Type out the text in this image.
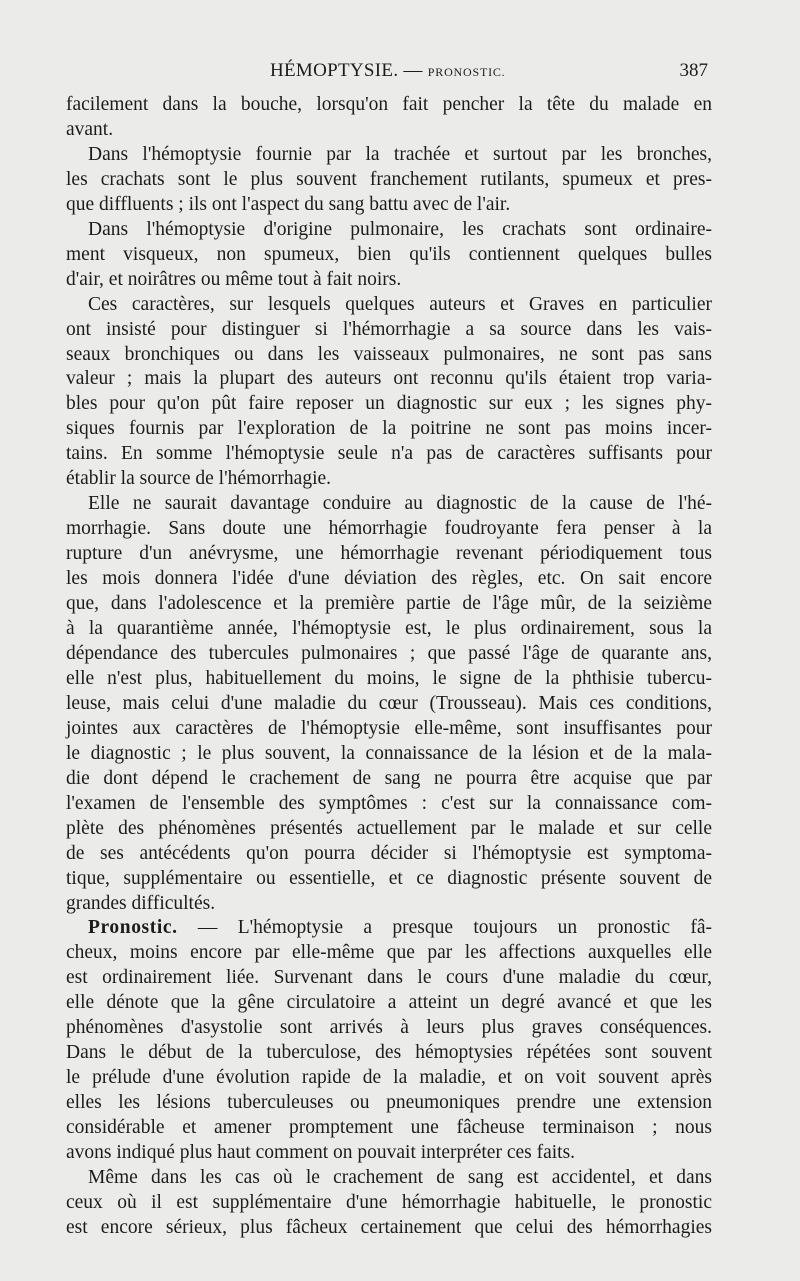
HÉMOPTYSIE. — PRONOSTIC.	387

facilement dans la bouche, lorsqu'on fait pencher la tête du malade en
avant.

Dans l'hémoptysie fournie par la trachée et surtout par les bronches,
les crachats sont le plus souvent franchement rutilants, spumeux et pres-
que diffluents ; ils ont l'aspect du sang battu avec de l'air.

Dans l'hémoptysie d'origine pulmonaire, les crachats sont ordinaire-
ment visqueux, non spumeux, bien qu'ils contiennent quelques bulles
d'air, et noirâtres ou même tout à fait noirs.

Ces caractères, sur lesquels quelques auteurs et Graves en particulier
ont insisté pour distinguer si l'hémorrhagie a sa source dans les vais-
seaux bronchiques ou dans les vaisseaux pulmonaires, ne sont pas sans
valeur ; mais la plupart des auteurs ont reconnu qu'ils étaient trop varia-
bles pour qu'on pût faire reposer un diagnostic sur eux ; les signes phy-
siques fournis par l'exploration de la poitrine ne sont pas moins incer-
tains. En somme l'hémoptysie seule n'a pas de caractères suffisants pour
établir la source de l'hémorrhagie.

Elle ne saurait davantage conduire au diagnostic de la cause de l'hé-
morrhagie. Sans doute une hémorrhagie foudroyante fera penser à la
rupture d'un anévrysme, une hémorrhagie revenant périodiquement tous
les mois donnera l'idée d'une déviation des règles, etc. On sait encore
que, dans l'adolescence et la première partie de l'âge mûr, de la seizième
à la quarantième année, l'hémoptysie est, le plus ordinairement, sous la
dépendance des tubercules pulmonaires ; que passé l'âge de quarante ans,
elle n'est plus, habituellement du moins, le signe de la phthisie tubercu-
leuse, mais celui d'une maladie du cœur (Trousseau). Mais ces conditions,
jointes aux caractères de l'hémoptysie elle-même, sont insuffisantes pour
le diagnostic ; le plus souvent, la connaissance de la lésion et de la mala-
die dont dépend le crachement de sang ne pourra être acquise que par
l'examen de l'ensemble des symptômes : c'est sur la connaissance com-
plète des phénomènes présentés actuellement par le malade et sur celle
de ses antécédents qu'on pourra décider si l'hémoptysie est symptoma-
tique, supplémentaire ou essentielle, et ce diagnostic présente souvent de
grandes difficultés.

Pronostic. — L'hémoptysie a presque toujours un pronostic fâ-
cheux, moins encore par elle-même que par les affections auxquelles elle
est ordinairement liée. Survenant dans le cours d'une maladie du cœur,
elle dénote que la gêne circulatoire a atteint un degré avancé et que les
phénomènes d'asystolie sont arrivés à leurs plus graves conséquences.
Dans le début de la tuberculose, des hémoptysies répétées sont souvent
le prélude d'une évolution rapide de la maladie, et on voit souvent après
elles les lésions tuberculeuses ou pneumoniques prendre une extension
considérable et amener promptement une fâcheuse terminaison ; nous
avons indiqué plus haut comment on pouvait interpréter ces faits.

Même dans les cas où le crachement de sang est accidentel, et dans
ceux où il est supplémentaire d'une hémorrhagie habituelle, le pronostic
est encore sérieux, plus fâcheux certainement que celui des hémorrhagies
